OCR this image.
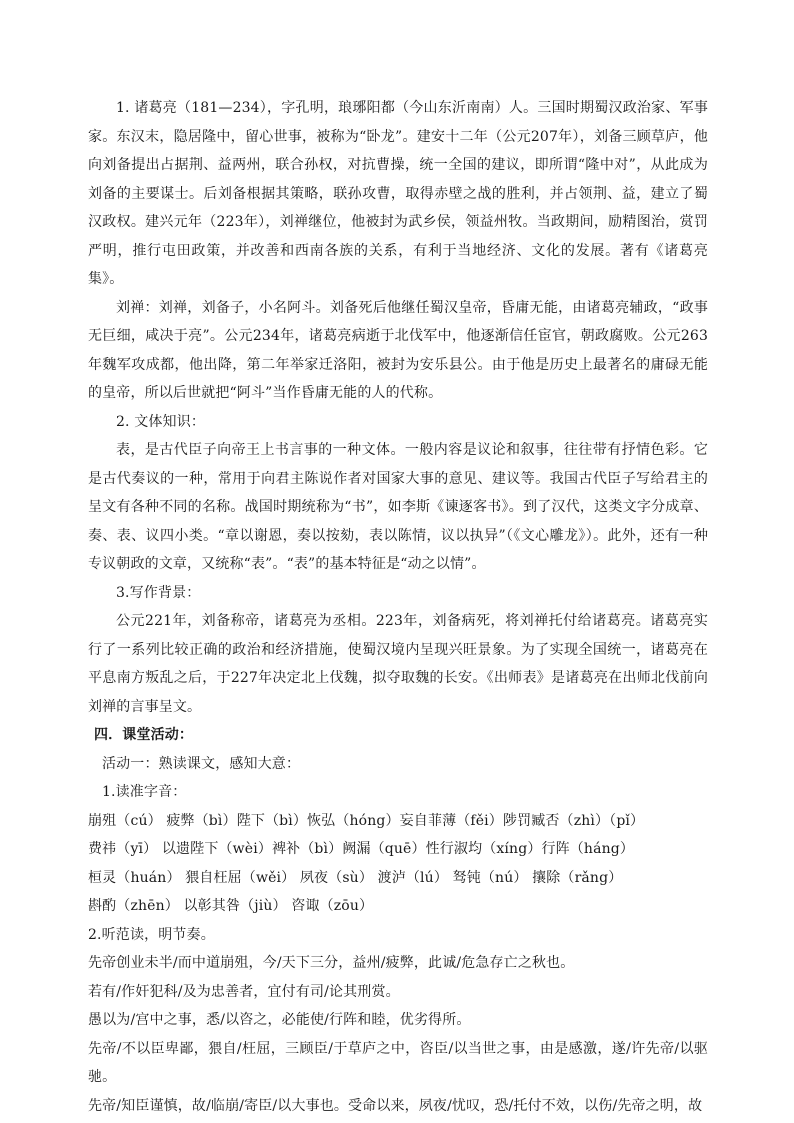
1. 诸葛亮（181—234），字孔明，琅琊阳都（今山东沂南南）人。三国时期蜀汉政治家、军事家。东汉末，隐居隆中，留心世事，被称为“卧龙”。建安十二年（公元207年），刘备三顾草庐，他向刘备提出占据荆、益两州，联合孙权，对抗曹操，统一全国的建议，即所谓“隆中对”，从此成为刘备的主要谋士。后刘备根据其策略，联孙攻曹，取得赤壁之战的胜利，并占领荆、益，建立了蜀汉政权。建兴元年（223年），刘禅继位，他被封为武乡侯，领益州牧。当政期间，励精图治，赏罚严明，推行屯田政策，并改善和西南各族的关系，有利于当地经济、文化的发展。著有《诸葛亮集》。

刘禅：刘禅，刘备子，小名阿斗。刘备死后他继任蜀汉皇帝，昏庸无能，由诸葛亮辅政，“政事无巨细，咸决于亮”。公元234年，诸葛亮病逝于北伐军中，他逐渐信任宦官，朝政腐败。公元263年魏军攻成都，他出降，第二年举家迁洛阳，被封为安乐县公。由于他是历史上最著名的庸碌无能的皇帝，所以后世就把“阿斗”当作昏庸无能的人的代称。

2. 文体知识：

表，是古代臣子向帝王上书言事的一种文体。一般内容是议论和叙事，往往带有抒情色彩。它是古代奏议的一种，常用于向君主陈说作者对国家大事的意见、建议等。我国古代臣子写给君主的呈文有各种不同的名称。战国时期统称为“书”，如李斯《谏逐客书》。到了汉代，这类文字分成章、奏、表、议四小类。“章以谢恩，奏以按劾，表以陈情，议以执异”（《文心雕龙》）。此外，还有一种专议朝政的文章，又统称“表”。“表”的基本特征是“动之以情”。

3.写作背景：

公元221年，刘备称帝，诸葛亮为丞相。223年，刘备病死，将刘禅托付给诸葛亮。诸葛亮实行了一系列比较正确的政治和经济措施，使蜀汉境内呈现兴旺景象。为了实现全国统一，诸葛亮在平息南方叛乱之后，于227年决定北上伐魏，拟夺取魏的长安。《出师表》是诸葛亮在出师北伐前向刘禅的言事呈文。

四．课堂活动：

活动一：熟读课文，感知大意：

1.读准字音：

崩殂（cú） 疲弊（bì）陛下（bì）恢弘（hóng）妄自菲薄（fěi）陟罚臧否（zhì）（pǐ）

费祎（yī） 以遗陛下（wèi）裨补（bì）阙漏（quē）性行淑均（xíng）行阵（háng）

桓灵（huán） 猥自枉屈（wěi） 夙夜（sù） 渡泸（lú） 驽钝（nú） 攘除（rǎng）

斟酌（zhēn） 以彰其咎（jiù） 咨诹（zōu）

2.听范读，明节奏。

先帝创业未半/而中道崩殂，今/天下三分，益州/疲弊，此诚/危急存亡之秋也。

若有/作奸犯科/及为忠善者，宜付有司/论其刑赏。

愚以为/宫中之事，悉/以咨之，必能使/行阵和睦，优劣得所。

先帝/不以臣卑鄙，猥自/枉屈，三顾臣/于草庐之中，咨臣/以当世之事，由是感激，遂/许先帝/以驱驰。

先帝/知臣谨慎，故/临崩/寄臣/以大事也。受命以来，夙夜/忧叹，恐/托付不效，以伤/先帝之明，故
